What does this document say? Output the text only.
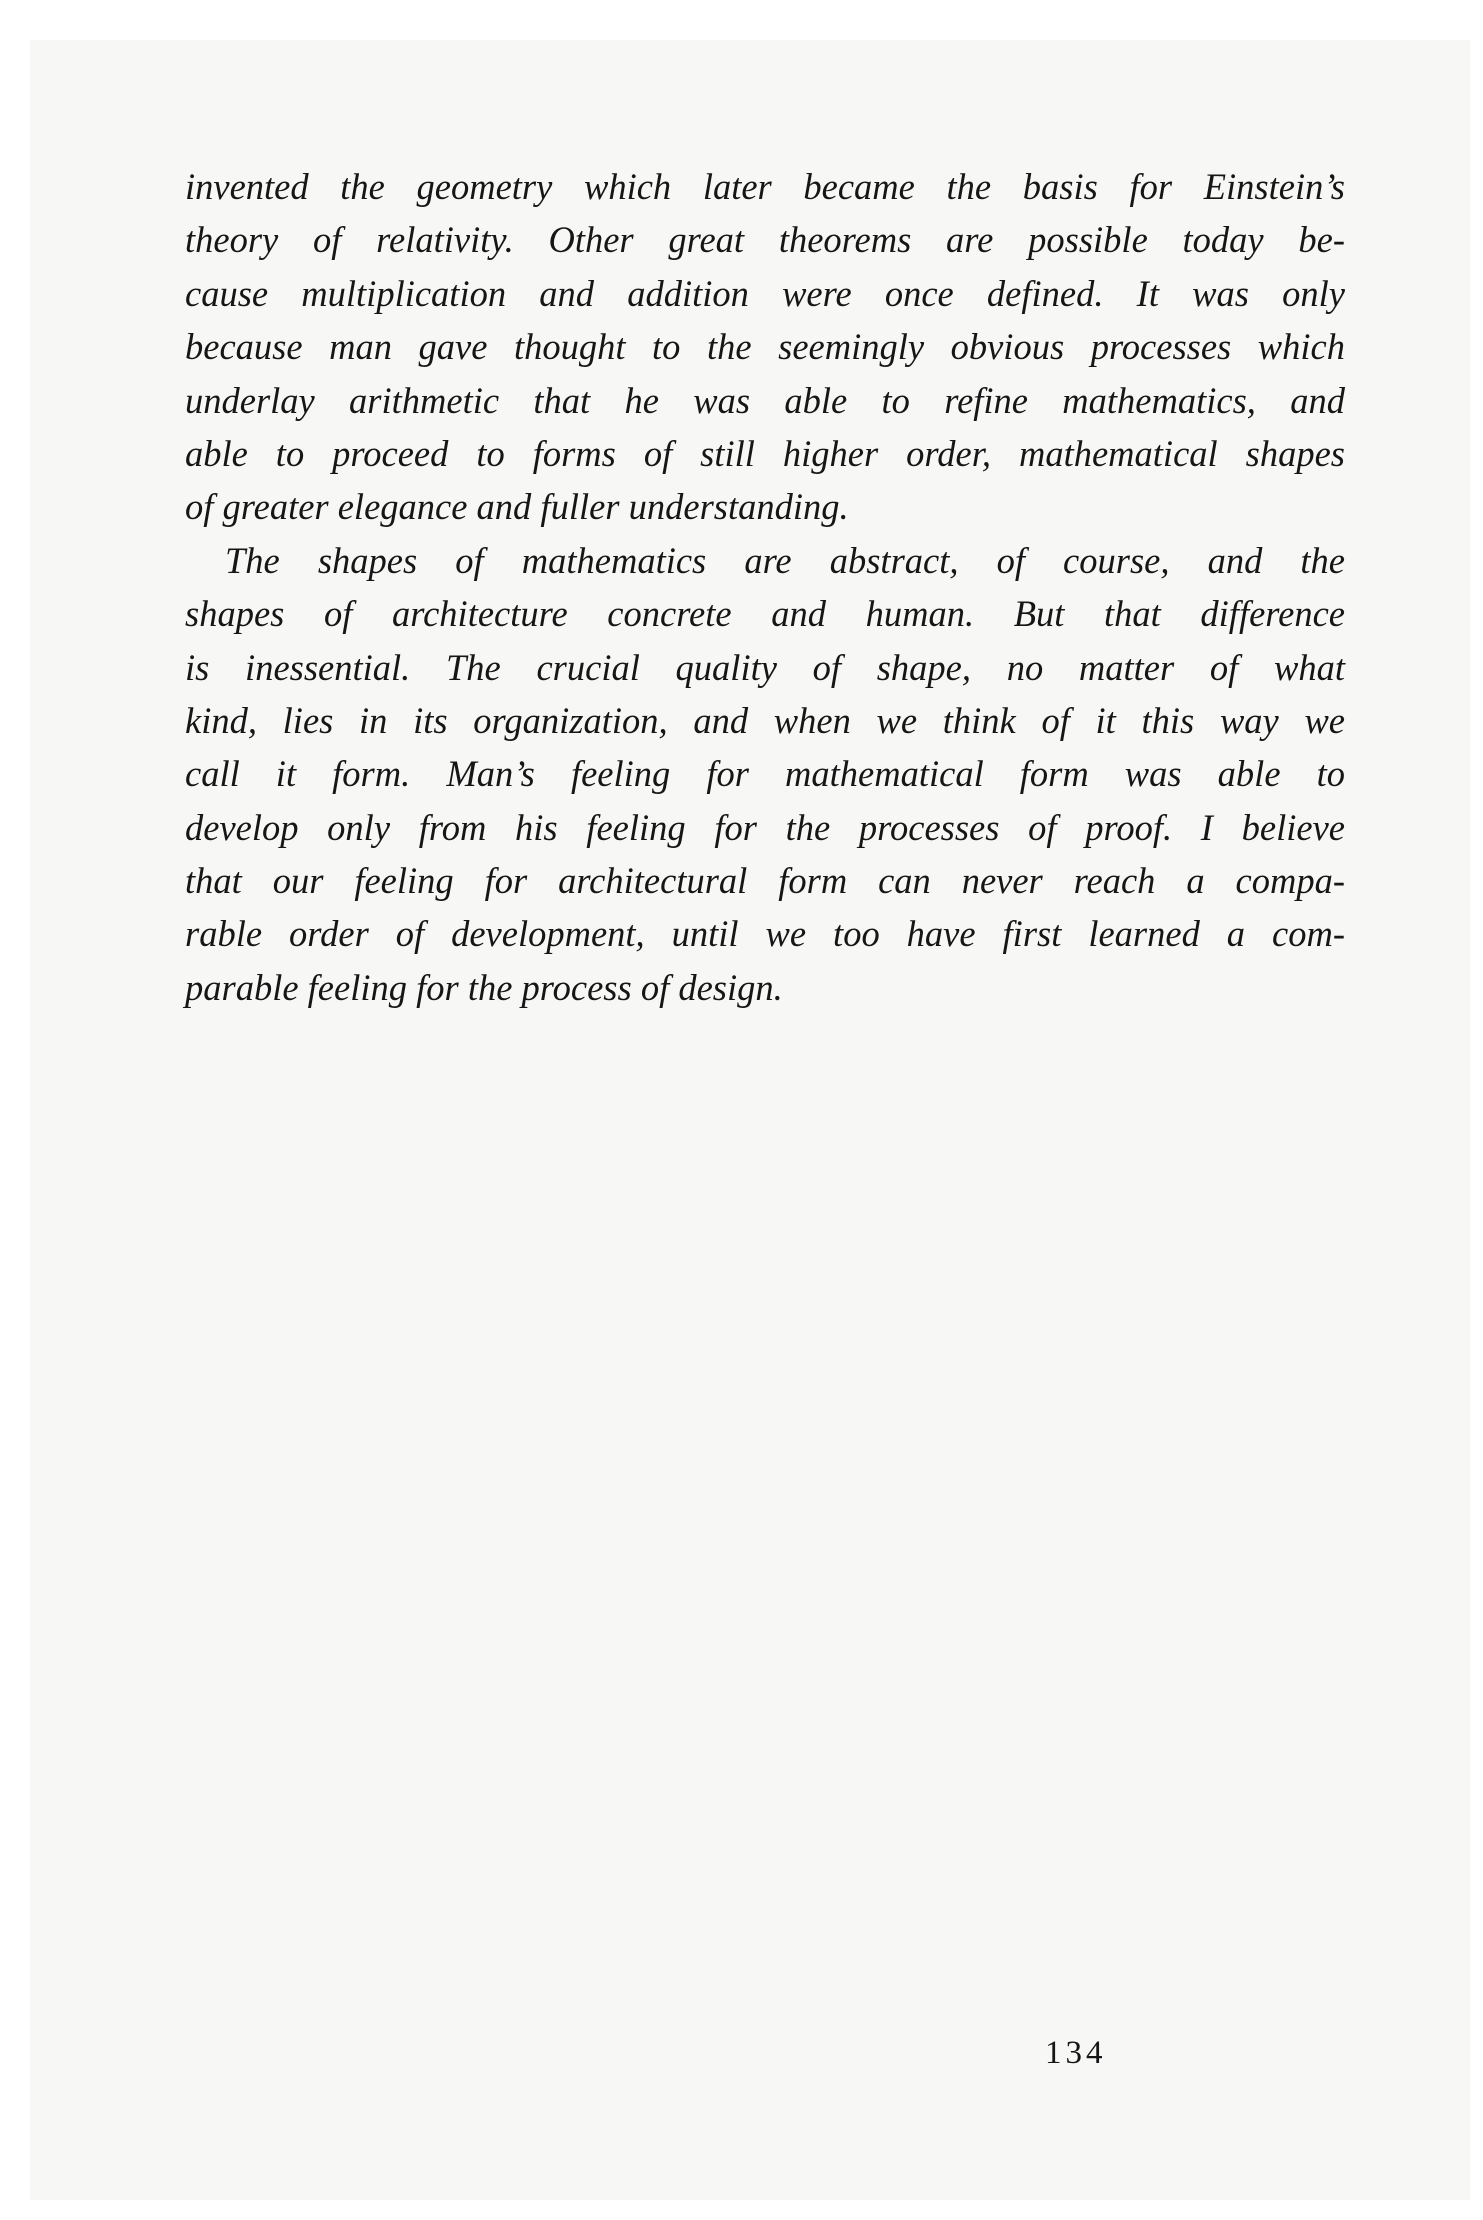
invented the geometry which later became the basis for Einstein’s
theory of relativity. Other great theorems are possible today be-
cause multiplication and addition were once defined. It was only
because man gave thought to the seemingly obvious processes which
underlay arithmetic that he was able to refine mathematics, and
able to proceed to forms of still higher order, mathematical shapes
of greater elegance and fuller understanding.
The shapes of mathematics are abstract, of course, and the
shapes of architecture concrete and human. But that difference
is inessential. The crucial quality of shape, no matter of what
kind, lies in its organization, and when we think of it this way we
call it form. Man’s feeling for mathematical form was able to
develop only from his feeling for the processes of proof. I believe
that our feeling for architectural form can never reach a compa-
rable order of development, until we too have first learned a com-
parable feeling for the process of design.
134
